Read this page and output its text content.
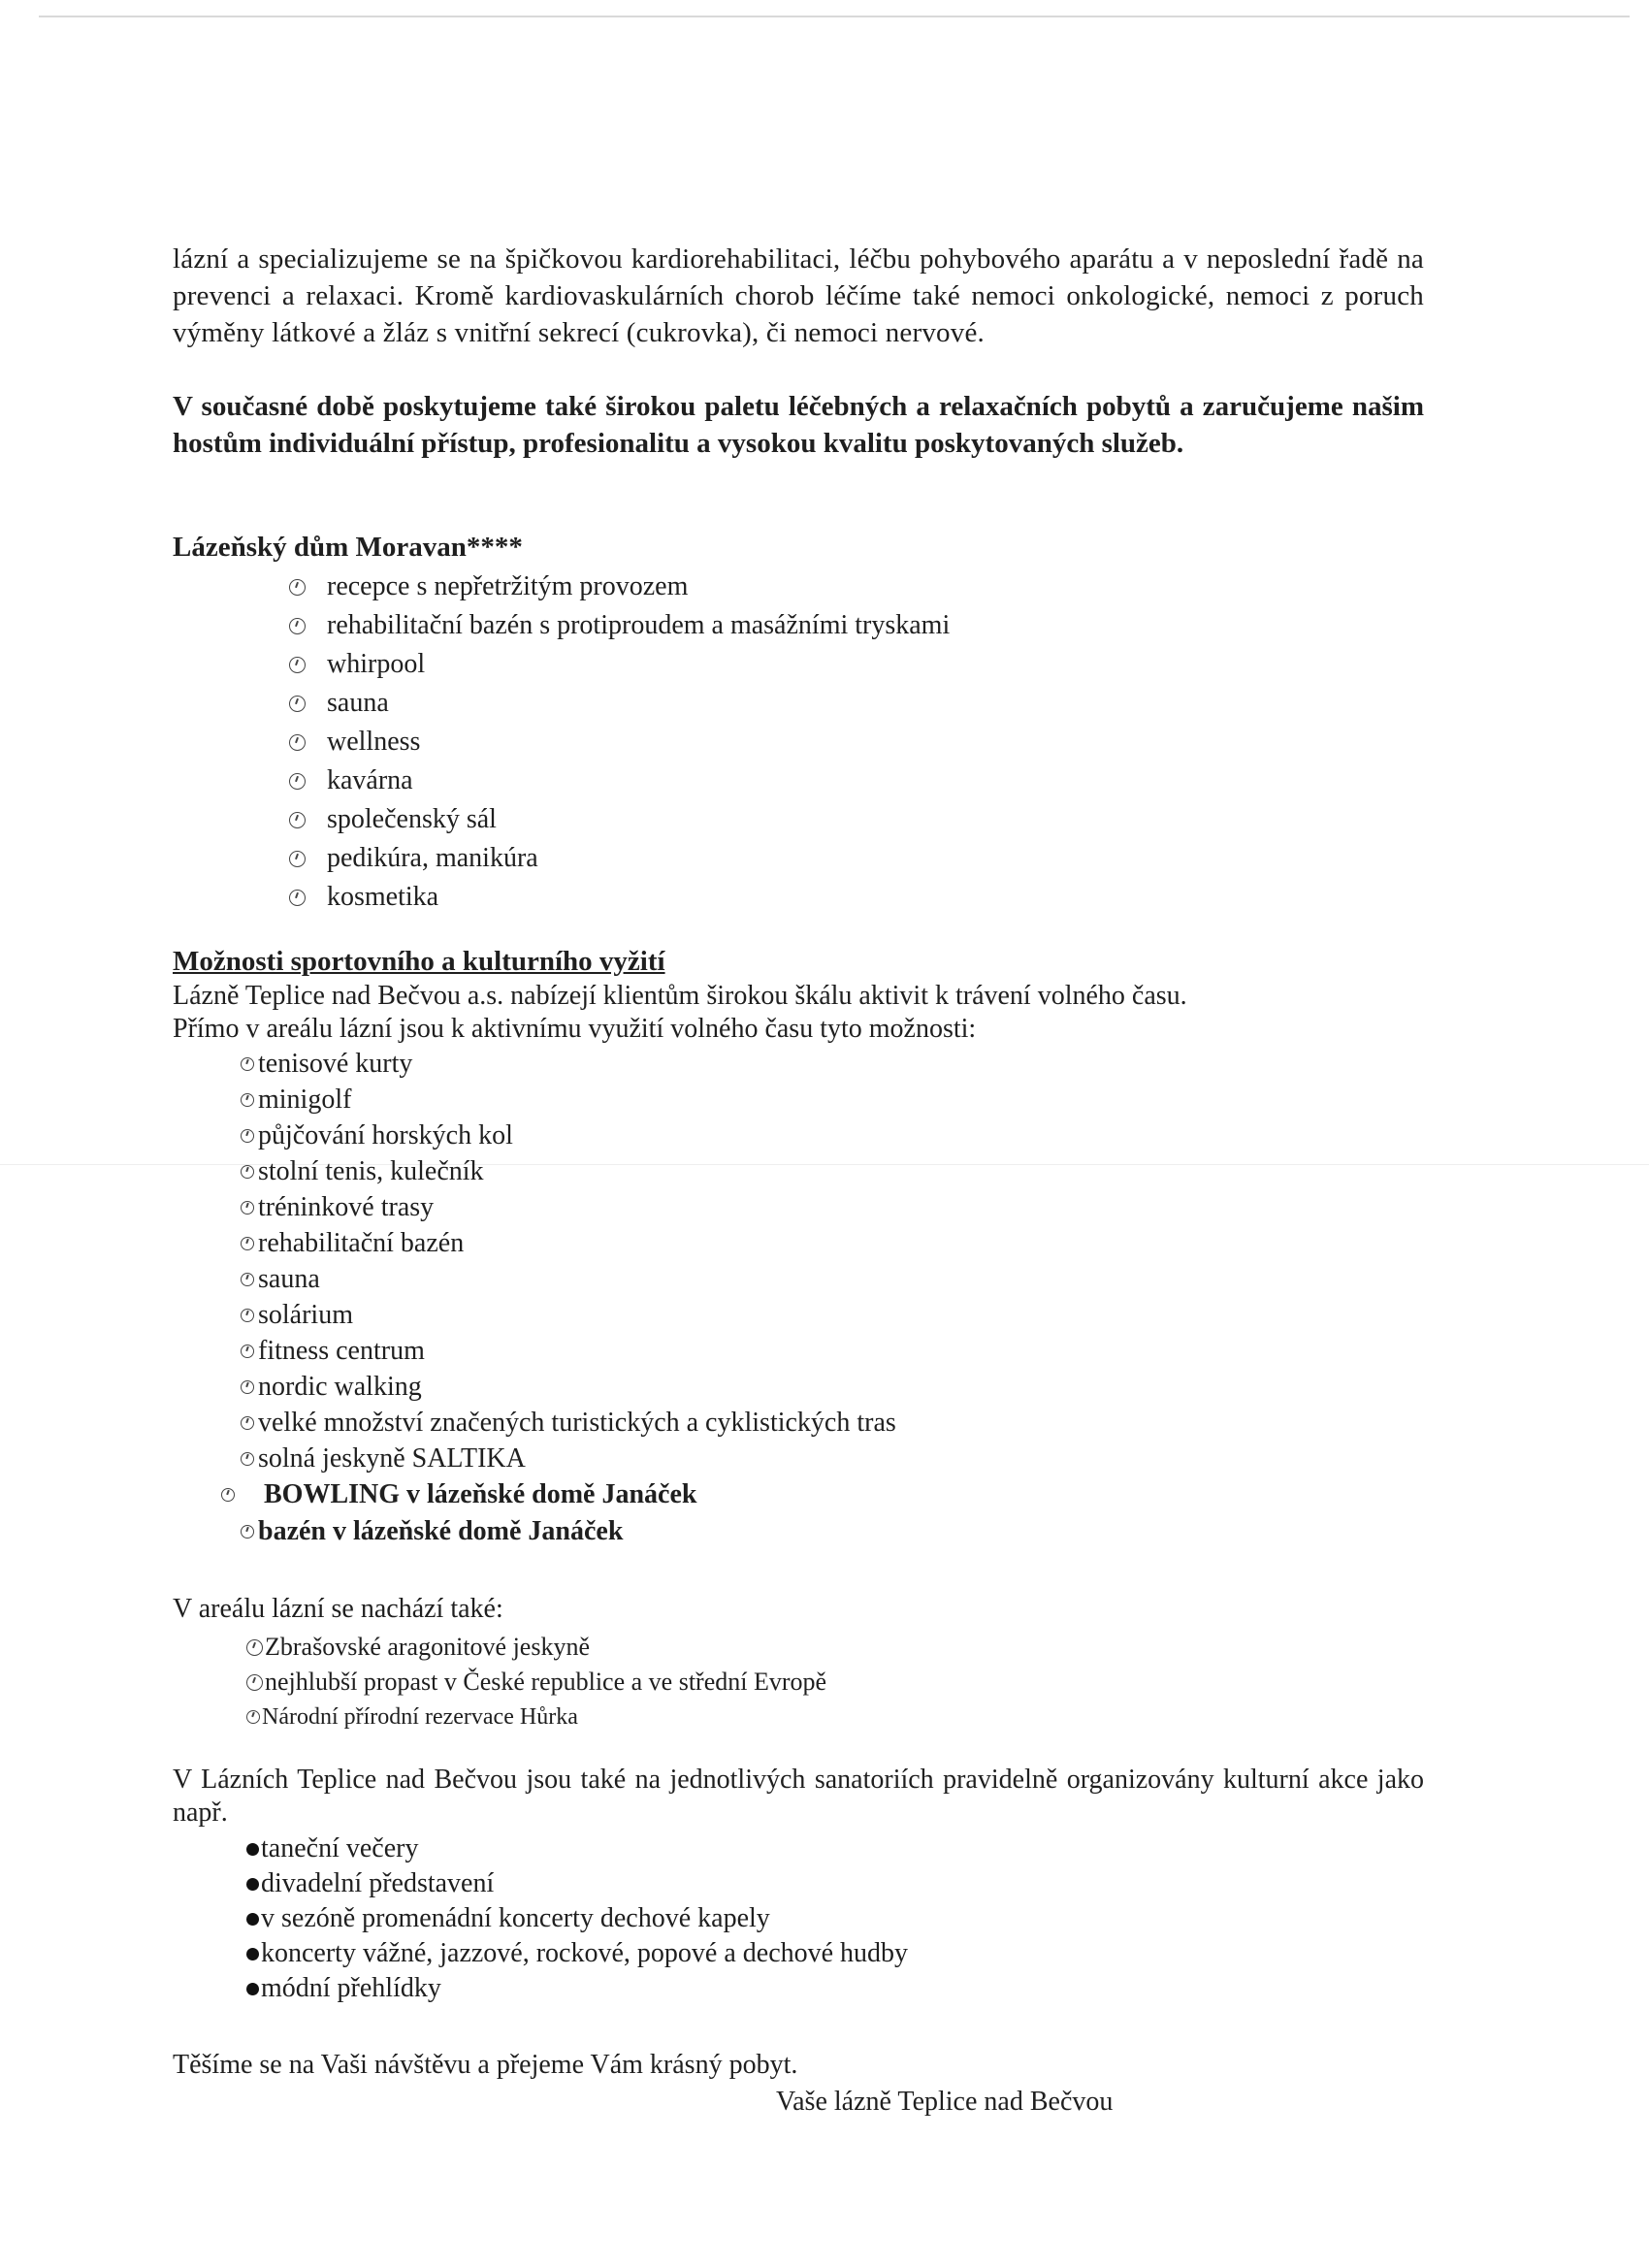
lázní a specializujeme se na špičkovou kardiorehabilitaci, léčbu pohybového aparátu a v neposlední řadě na prevenci a relaxaci. Kromě kardiovaskulárních chorob léčíme také nemoci onkologické, nemoci z poruch výměny látkové a žláz s vnitřní sekrecí (cukrovka), či nemoci nervové.

V současné době poskytujeme také širokou paletu léčebných a relaxačních pobytů a zaručujeme našim hostům individuální přístup, profesionalitu a vysokou kvalitu poskytovaných služeb.

Lázeňský dům Moravan****

recepce s nepřetržitým provozem
rehabilitační bazén s protiproudem a masážními tryskami
whirpool
sauna
wellness
kavárna
společenský sál
pedikúra, manikúra
kosmetika

Možnosti sportovního a kulturního vyžití

Lázně Teplice nad Bečvou a.s. nabízejí klientům širokou škálu aktivit k trávení volného času.

Přímo v areálu lázní jsou k aktivnímu využití volného času tyto možnosti:

tenisové kurty
minigolf
půjčování horských kol
stolní tenis, kulečník
tréninkové trasy
rehabilitační bazén
sauna
solárium
fitness centrum
nordic walking
velké množství značených turistických a cyklistických tras
solná jeskyně SALTIKA
BOWLING v lázeňské domě Janáček
bazén v lázeňské domě Janáček

V areálu lázní se nachází také:

Zbrašovské aragonitové jeskyně
nejhlubší propast v České republice a ve střední Evropě
Národní přírodní rezervace Hůrka

V Lázních Teplice nad Bečvou jsou také na jednotlivých sanatoriích pravidelně organizovány kulturní akce jako např.

taneční večery
divadelní představení
v sezóně promenádní koncerty dechové kapely
koncerty vážné, jazzové, rockové, popové a dechové hudby
módní přehlídky

Těšíme se na Vaši návštěvu a přejeme Vám krásný pobyt.

Vaše lázně Teplice nad Bečvou
